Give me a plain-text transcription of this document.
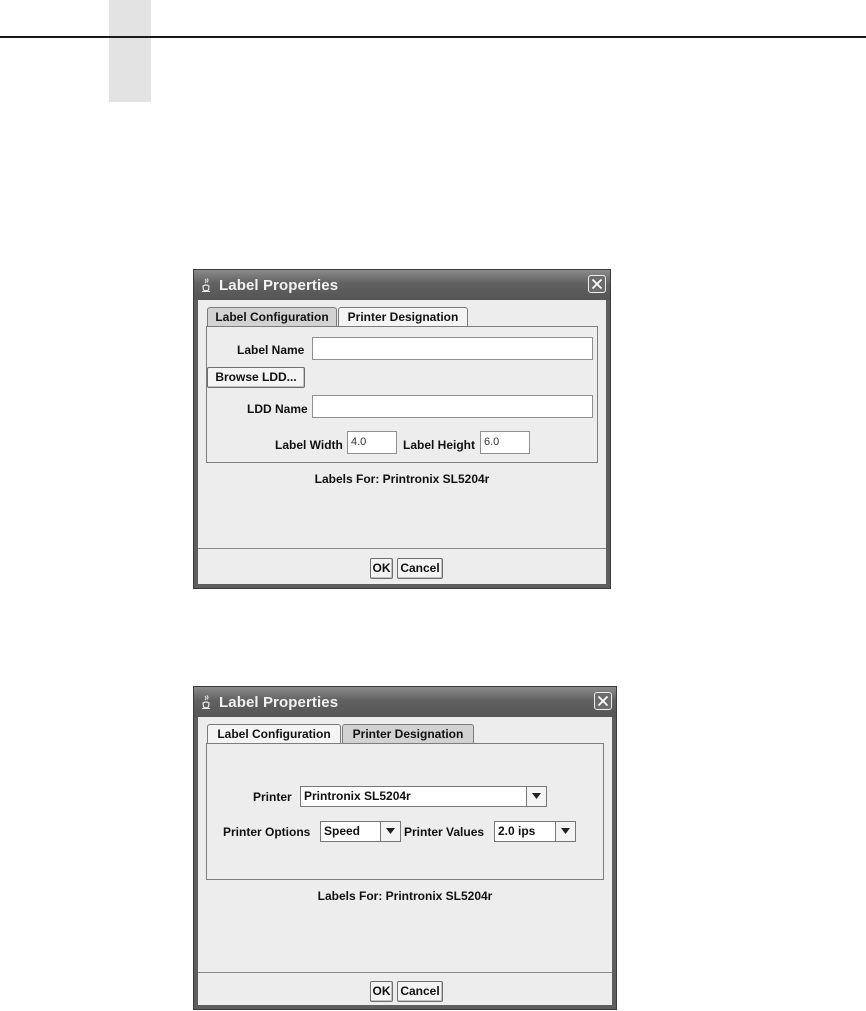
Label Properties
Label Configuration	Printer Designation
Label Name
Browse LDD...
LDD Name
Label Width 4.0	Label Height 6.0
Labels For: Printronix SL5204r
OK Cancel
Label Properties
Label Configuration	Printer Designation
Printer Printronix SL5204r
Printer Options Speed	Printer Values 2.0 ips
Labels For: Printronix SL5204r
OK Cancel
